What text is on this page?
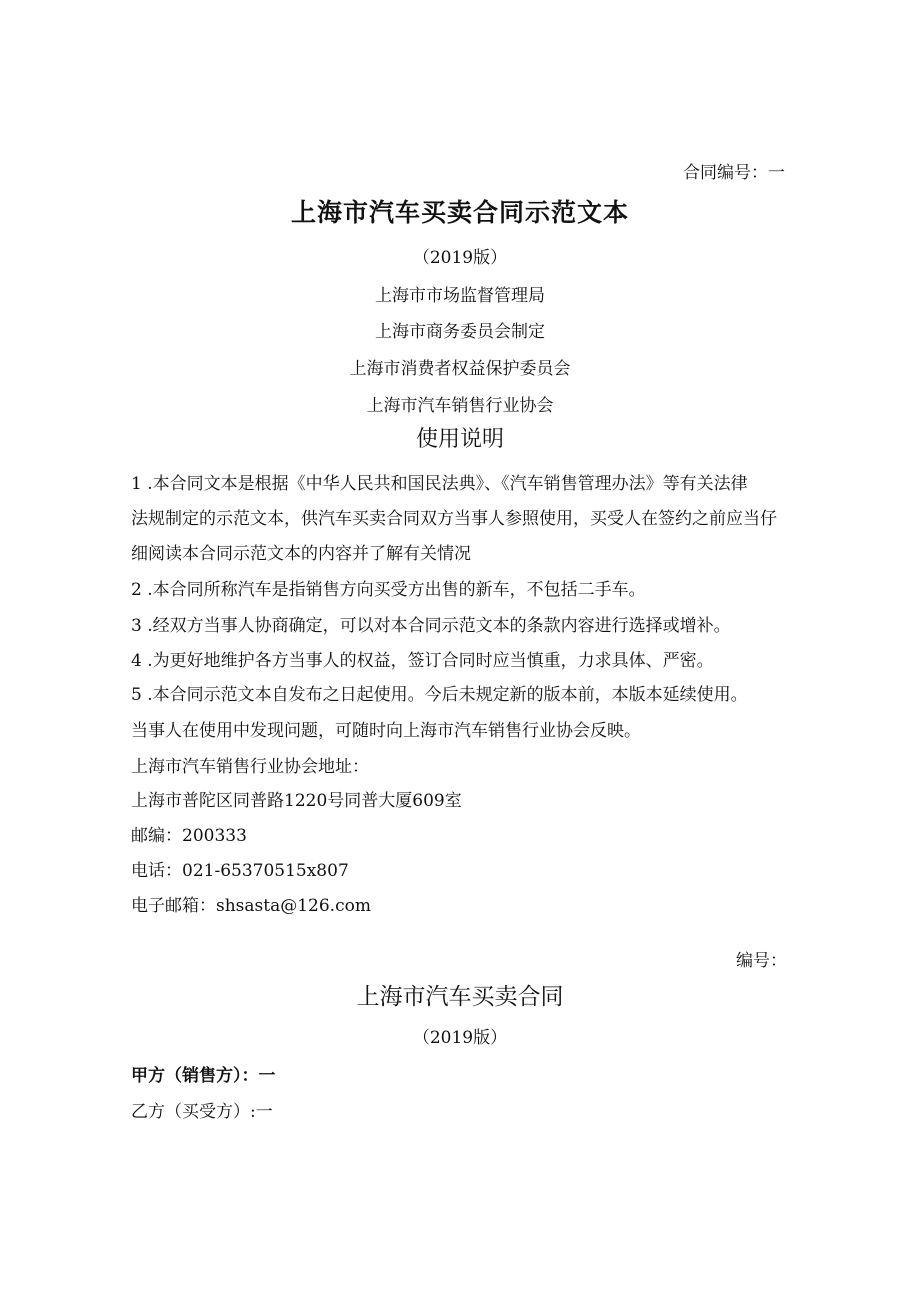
合同编号：一
上海市汽车买卖合同示范文本
（2019版）
上海市市场监督管理局
上海市商务委员会制定
上海市消费者权益保护委员会
上海市汽车销售行业协会
使用说明
1 .本合同文本是根据《中华人民共和国民法典》、《汽车销售管理办法》等有关法律
法规制定的示范文本，供汽车买卖合同双方当事人参照使用，买受人在签约之前应当仔
细阅读本合同示范文本的内容并了解有关情况
2 .本合同所称汽车是指销售方向买受方出售的新车，不包括二手车。
3 .经双方当事人协商确定，可以对本合同示范文本的条款内容进行选择或增补。
4 .为更好地维护各方当事人的权益，签订合同时应当慎重，力求具体、严密。
5 .本合同示范文本自发布之日起使用。今后未规定新的版本前，本版本延续使用。
当事人在使用中发现问题，可随时向上海市汽车销售行业协会反映。
上海市汽车销售行业协会地址：
上海市普陀区同普路1220号同普大厦609室
邮编：200333
电话：021-65370515x807
电子邮箱：shsasta@126.com
编号：
上海市汽车买卖合同
（2019版）
甲方（销售方）：一
乙方（买受方）:一
